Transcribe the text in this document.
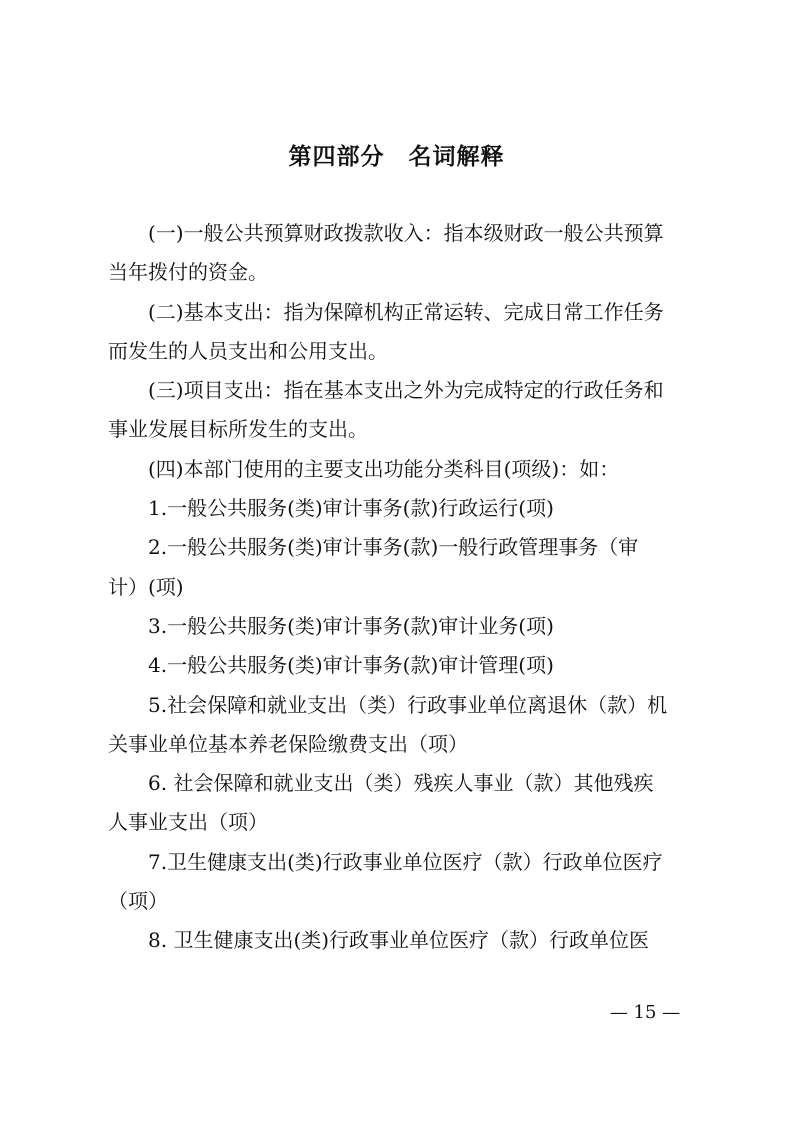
第四部分　名词解释
(一)一般公共预算财政拨款收入：指本级财政一般公共预算
当年拨付的资金。
(二)基本支出：指为保障机构正常运转、完成日常工作任务
而发生的人员支出和公用支出。
(三)项目支出：指在基本支出之外为完成特定的行政任务和
事业发展目标所发生的支出。
(四)本部门使用的主要支出功能分类科目(项级)：如：
1.一般公共服务(类)审计事务(款)行政运行(项)
2.一般公共服务(类)审计事务(款)一般行政管理事务（审
计）(项)
3.一般公共服务(类)审计事务(款)审计业务(项)
4.一般公共服务(类)审计事务(款)审计管理(项)
5.社会保障和就业支出（类）行政事业单位离退休（款）机
关事业单位基本养老保险缴费支出（项）
6. 社会保障和就业支出（类）残疾人事业（款）其他残疾
人事业支出（项）
7.卫生健康支出(类)行政事业单位医疗（款）行政单位医疗
（项）
8. 卫生健康支出(类)行政事业单位医疗（款）行政单位医
— 15 —
